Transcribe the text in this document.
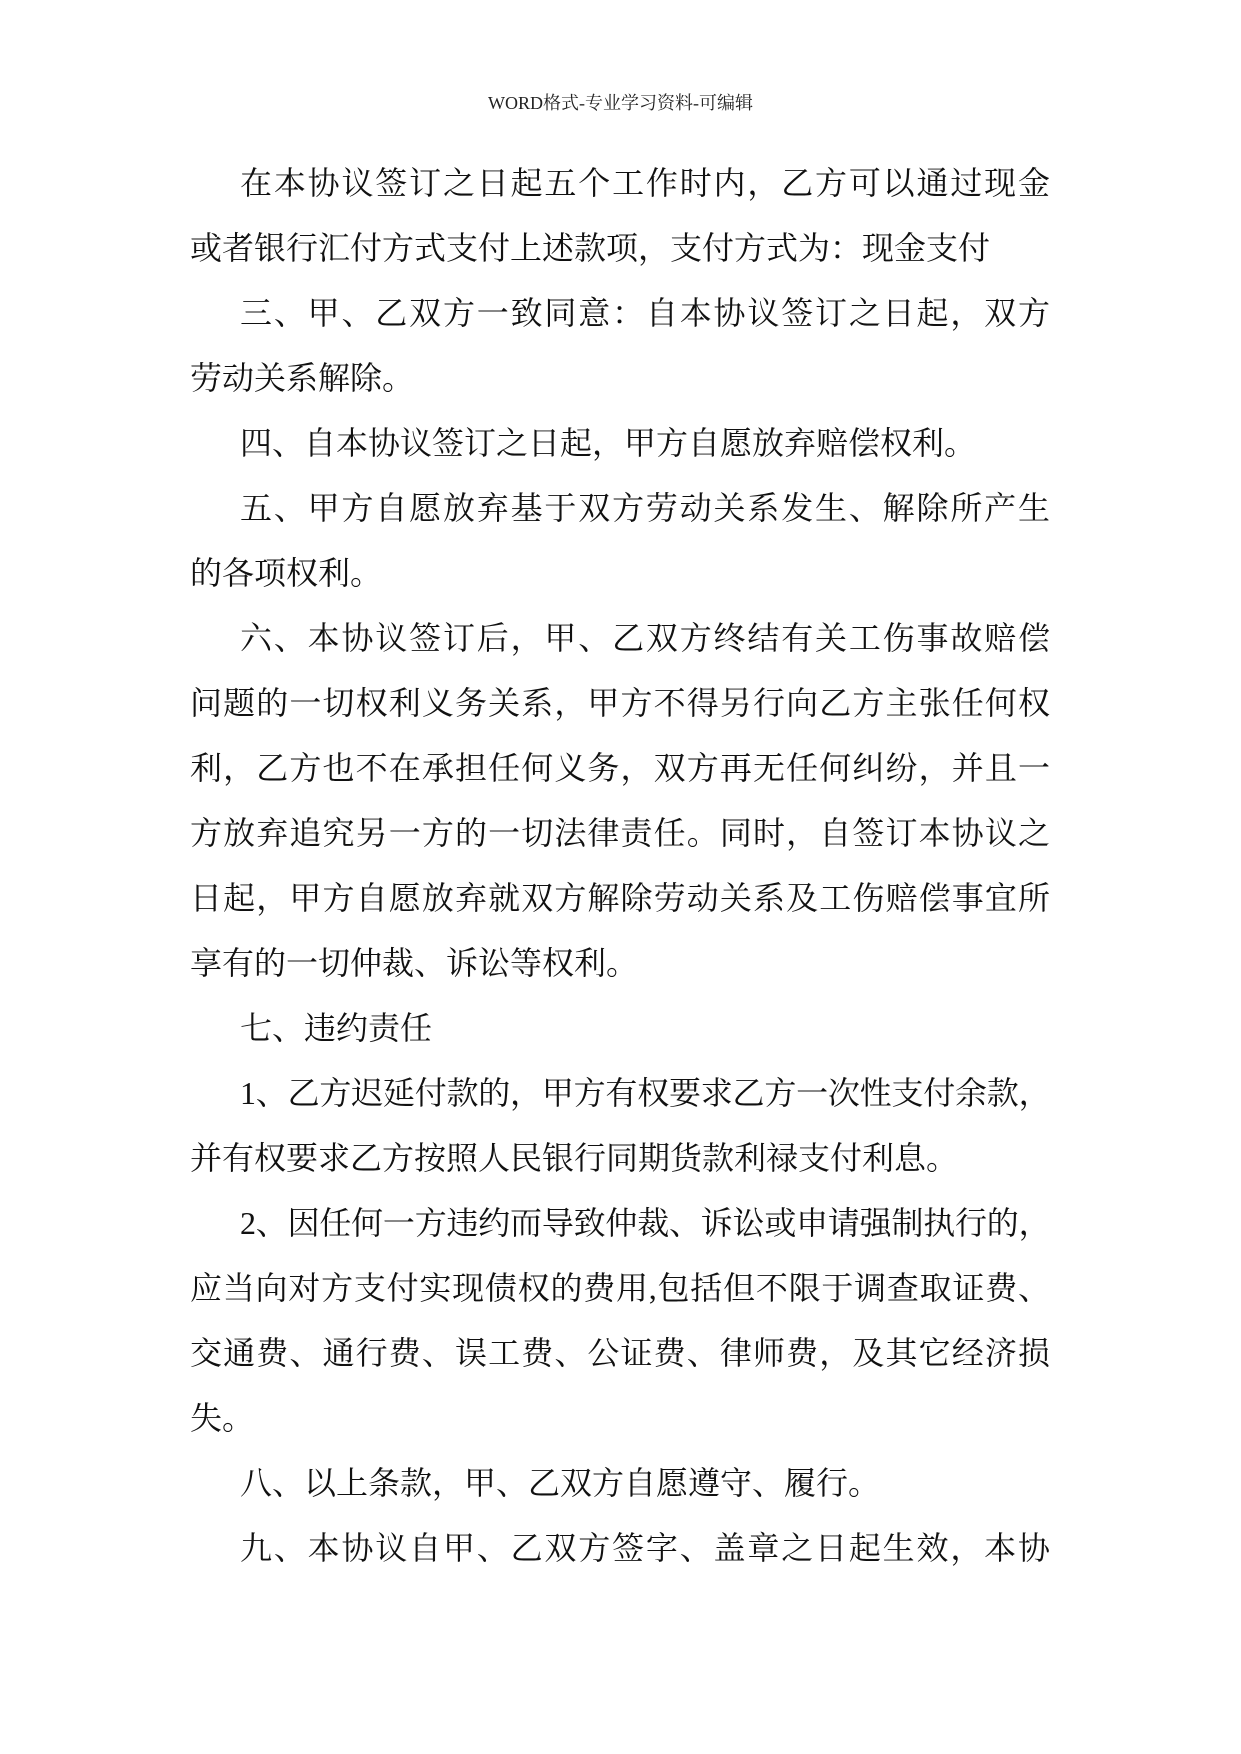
WORD格式-专业学习资料-可编辑
在本协议签订之日起五个工作时内，乙方可以通过现金
或者银行汇付方式支付上述款项，支付方式为：现金支付
三、甲、乙双方一致同意：自本协议签订之日起，双方
劳动关系解除。
四、自本协议签订之日起，甲方自愿放弃赔偿权利。
五、甲方自愿放弃基于双方劳动关系发生、解除所产生
的各项权利。
六、本协议签订后，甲、乙双方终结有关工伤事故赔偿
问题的一切权利义务关系，甲方不得另行向乙方主张任何权
利，乙方也不在承担任何义务，双方再无任何纠纷，并且一
方放弃追究另一方的一切法律责任。同时，自签订本协议之
日起，甲方自愿放弃就双方解除劳动关系及工伤赔偿事宜所
享有的一切仲裁、诉讼等权利。
七、违约责任
1、乙方迟延付款的，甲方有权要求乙方一次性支付余款，
并有权要求乙方按照人民银行同期货款利禄支付利息。
2、因任何一方违约而导致仲裁、诉讼或申请强制执行的，
应当向对方支付实现债权的费用,包括但不限于调查取证费、
交通费、通行费、误工费、公证费、律师费，及其它经济损
失。
八、以上条款，甲、乙双方自愿遵守、履行。
九、本协议自甲、乙双方签字、盖章之日起生效，本协
